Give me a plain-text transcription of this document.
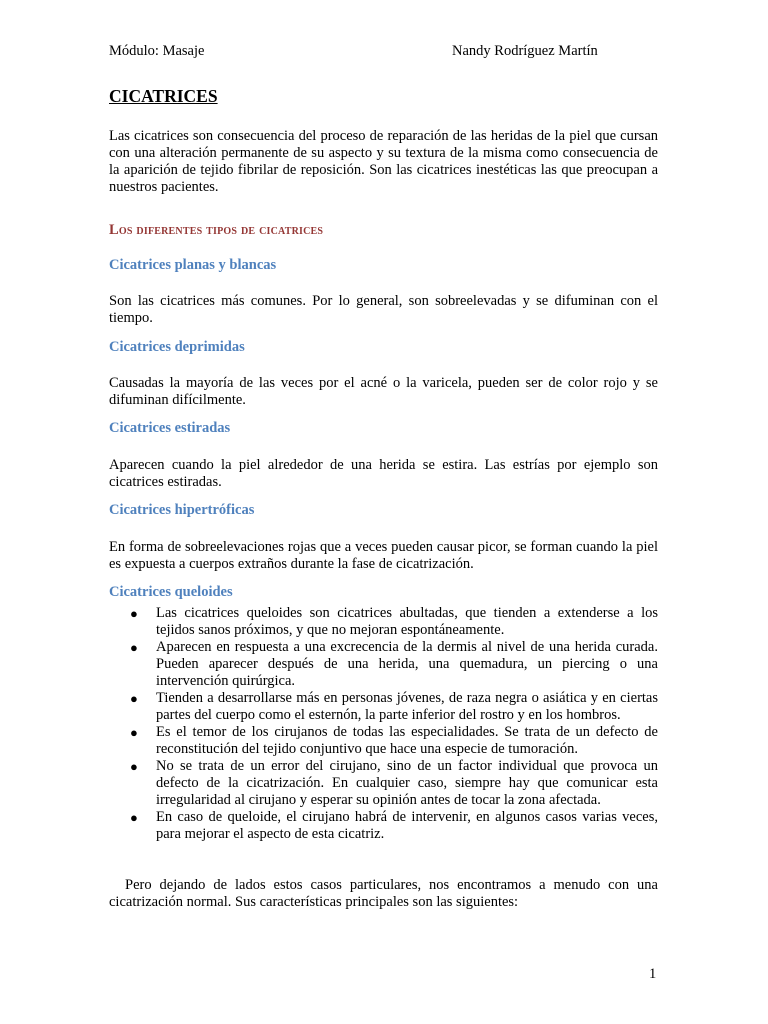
Módulo: Masaje	Nandy Rodríguez Martín
CICATRICES
Las cicatrices son consecuencia del proceso de reparación de las heridas de la piel que cursan con una alteración permanente de su aspecto y su textura de la misma como consecuencia de la aparición de tejido fibrilar de reposición. Son las cicatrices inestéticas las que preocupan a nuestros pacientes.
Los diferentes tipos de cicatrices
Cicatrices planas y blancas
Son las cicatrices más comunes. Por lo general, son sobreelevadas y se difuminan con el tiempo.
Cicatrices deprimidas
Causadas la mayoría de las veces por el acné o la varicela, pueden ser de color rojo y se difuminan difícilmente.
Cicatrices estiradas
Aparecen cuando la piel alrededor de una herida se estira. Las estrías por ejemplo son cicatrices estiradas.
Cicatrices hipertróficas
En forma de sobreelevaciones rojas que a veces pueden causar picor, se forman cuando la piel es expuesta a cuerpos extraños durante la fase de cicatrización.
Cicatrices queloides
● Las cicatrices queloides son cicatrices abultadas, que tienden a extenderse a los tejidos sanos próximos, y que no mejoran espontáneamente.
● Aparecen en respuesta a una excrecencia de la dermis al nivel de una herida curada. Pueden aparecer después de una herida, una quemadura, un piercing o una intervención quirúrgica.
● Tienden a desarrollarse más en personas jóvenes, de raza negra o asiática y en ciertas partes del cuerpo como el esternón, la parte inferior del rostro y en los hombros.
● Es el temor de los cirujanos de todas las especialidades. Se trata de un defecto de reconstitución del tejido conjuntivo que hace una especie de tumoración.
● No se trata de un error del cirujano, sino de un factor individual que provoca un defecto de la cicatrización. En cualquier caso, siempre hay que comunicar esta irregularidad al cirujano y esperar su opinión antes de tocar la zona afectada.
● En caso de queloide, el cirujano habrá de intervenir, en algunos casos varias veces, para mejorar el aspecto de esta cicatriz.
Pero dejando de lados estos casos particulares, nos encontramos a menudo con una cicatrización normal. Sus características principales son las siguientes:
1
